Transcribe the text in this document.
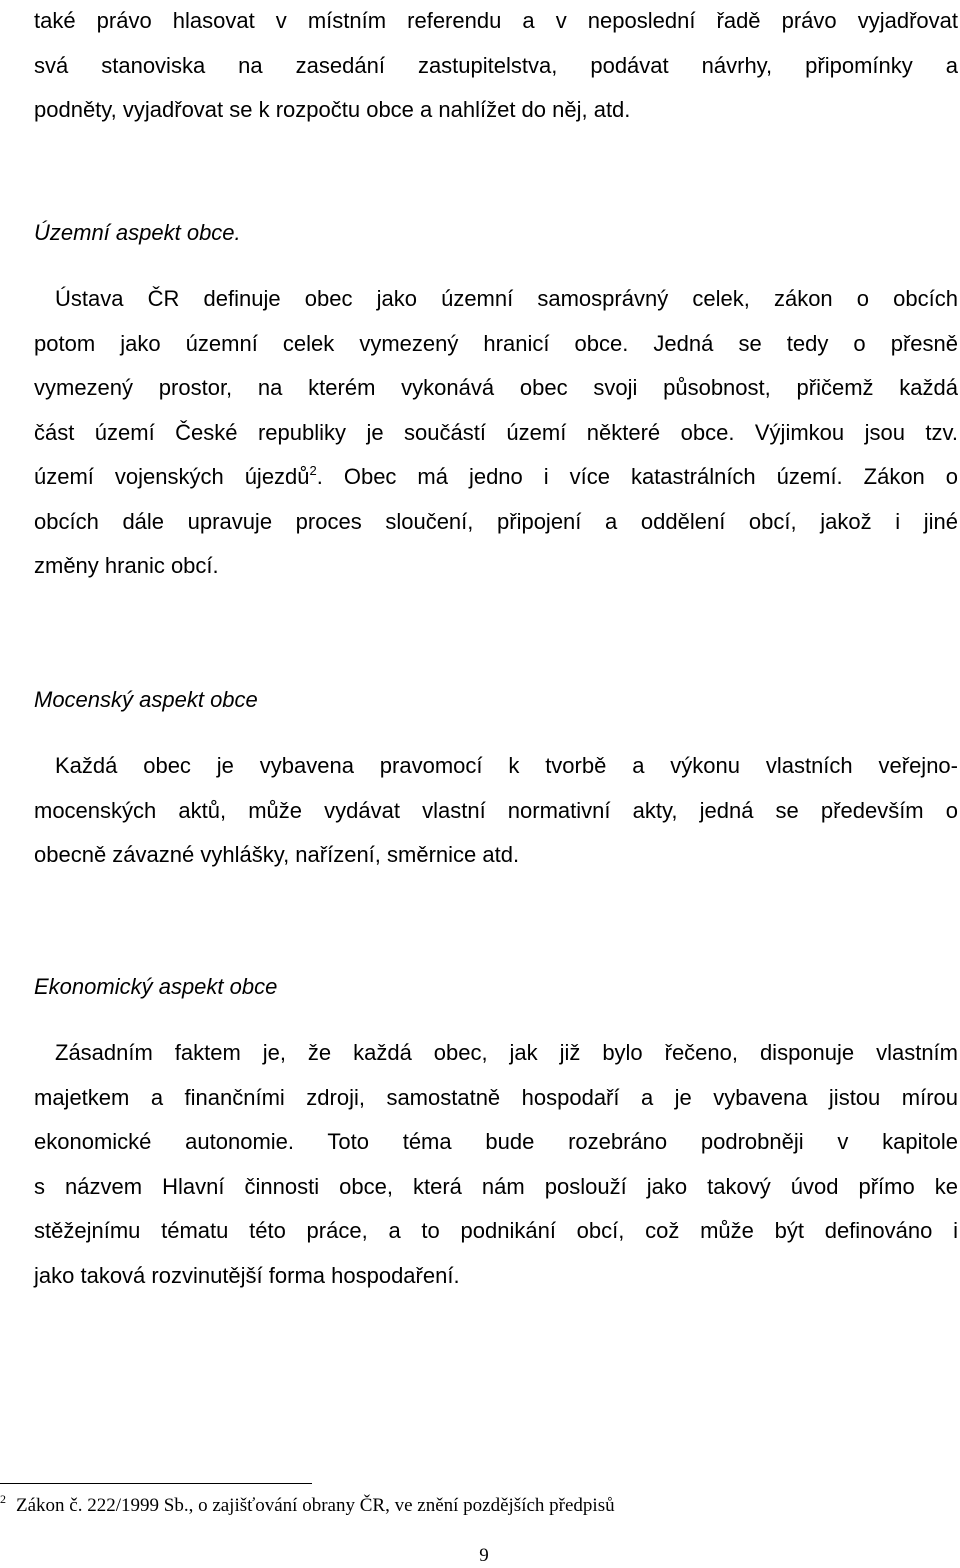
také právo hlasovat v místním referendu a v neposlední řadě právo vyjadřovat
svá stanoviska na zasedání zastupitelstva, podávat návrhy, připomínky a
podněty, vyjadřovat se k rozpočtu obce a nahlížet do něj, atd.
Územní aspekt obce.
Ústava ČR definuje obec jako územní samosprávný celek, zákon o obcích
potom jako územní celek vymezený hranicí obce. Jedná se tedy o přesně
vymezený prostor, na kterém vykonává obec svoji působnost, přičemž každá
část území České republiky je součástí území některé obce. Výjimkou jsou tzv.
území vojenských újezdů$^2$. Obec má jedno i více katastrálních území. Zákon o
obcích dále upravuje proces sloučení, připojení a oddělení obcí, jakož i jiné
změny hranic obcí.
Mocenský aspekt obce
Každá obec je vybavena pravomocí k tvorbě a výkonu vlastních veřejno-
mocenských aktů, může vydávat vlastní normativní akty, jedná se především o
obecně závazné vyhlášky, nařízení, směrnice atd.
Ekonomický aspekt obce
Zásadním faktem je, že každá obec, jak již bylo řečeno, disponuje vlastním
majetkem a finančními zdroji, samostatně hospodaří a je vybavena jistou mírou
ekonomické autonomie. Toto téma bude rozebráno podrobněji v kapitole
s názvem Hlavní činnosti obce, která nám poslouží jako takový úvod přímo ke
stěžejnímu tématu této práce, a to podnikání obcí, což může být definováno i
jako taková rozvinutější forma hospodaření.
$^2$ Zákon č. 222/1999 Sb., o zajišťování obrany ČR, ve znění pozdějších předpisů
9
